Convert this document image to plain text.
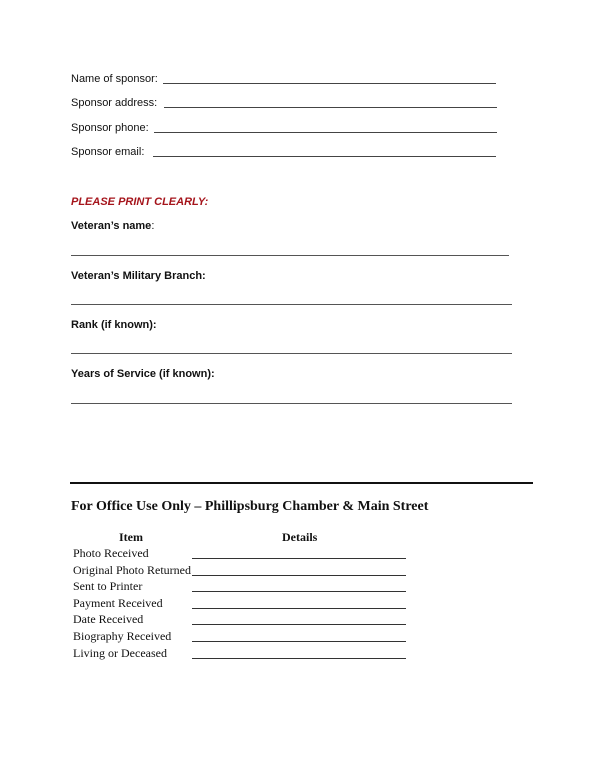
Name of sponsor:
Sponsor address:
Sponsor phone:
Sponsor email:
PLEASE PRINT CLEARLY:
Veteran’s name:
Veteran’s Military Branch:
Rank (if known):
Years of Service (if known):
For Office Use Only – Phillipsburg Chamber & Main Street
Item	Details
Photo Received
Original Photo Returned
Sent to Printer
Payment Received
Date Received
Biography Received
Living or Deceased
